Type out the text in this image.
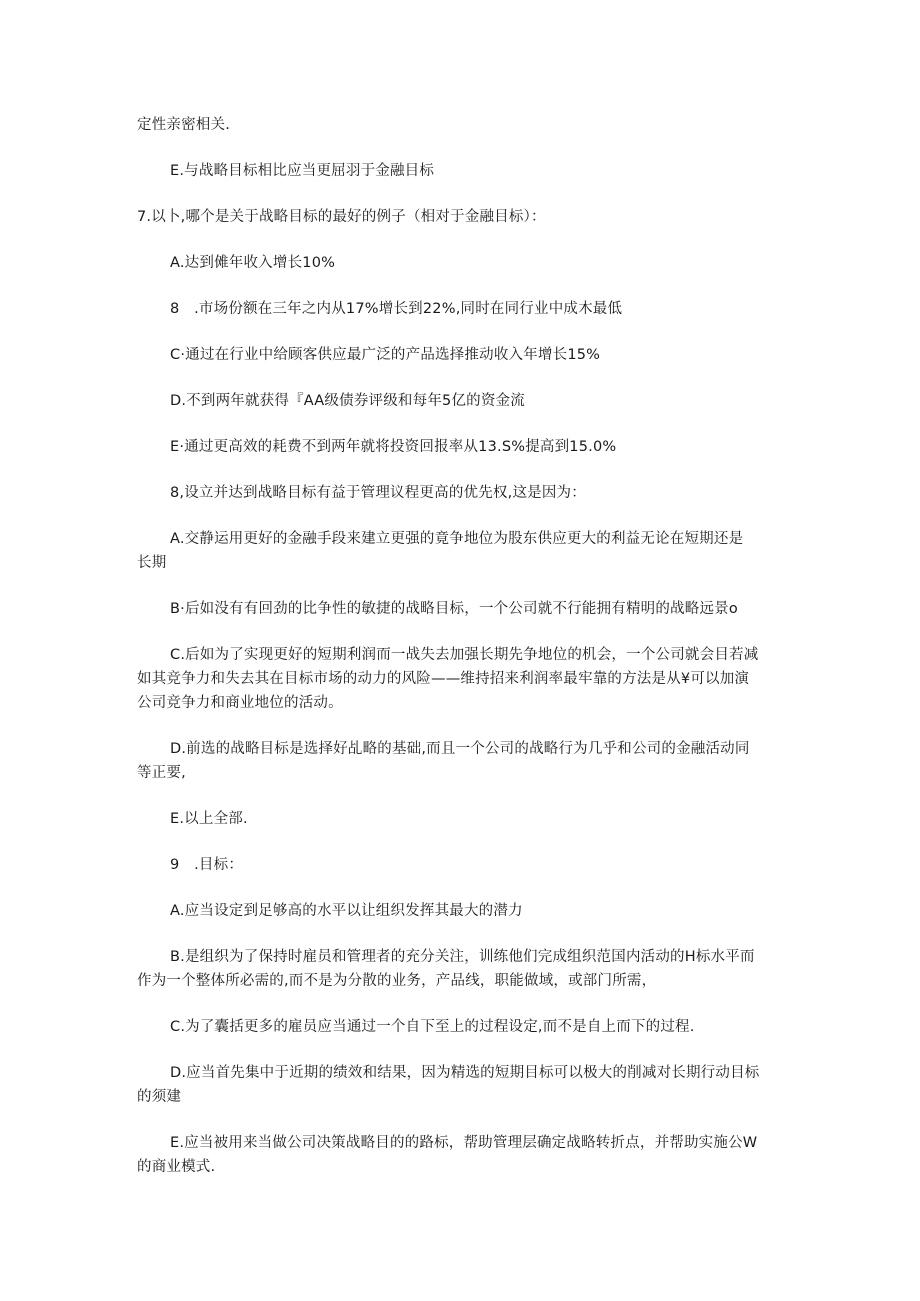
定性亲密相关.
E.与战略目标相比应当更屈羽于金融目标
7.以卜,哪个是关于战略目标的最好的例子（相对于金融目标）：
A.达到傩年收入增长10%
8　.市场份额在三年之内从17%增长到22%,同时在同行业中成木最低
C·通过在行业中给顾客供应最广泛的产品选择推动收入年增长15%
D.不到两年就获得『AA级债券评级和每年5亿的资金流
E·通过更高效的耗费不到两年就将投资回报率从13.S%提高到15.0%
8,设立并达到战略目标有益于管理议程更高的优先权,这是因为：
A.交静运用更好的金融手段来建立更强的竟争地位为股东供应更大的利益无论在短期还是
长期
B·后如没有有回劲的比争性的敏捷的战略目标，一个公司就不行能拥有精明的战略远景o
C.后如为了实现更好的短期利润而一战失去加强长期先争地位的机会，一个公司就会目若减
如其竞争力和失去其在目标市场的动力的风险——维持招来利润率最牢靠的方法是从¥可以加演
公司竞争力和商业地位的活动。
D.前选的战略目标是选择好乩略的基础,而且一个公司的战略行为几乎和公司的金融活动同
等正要,
E.以上全部.
9　.目标：
A.应当设定到足够高的水平以让组织发挥其最大的潜力
B.是组织为了保持时雇员和管理者的充分关注，训练他们完成组织范国内活动的H标水平而
作为一个整体所必需的,而不是为分散的业务，产品线，职能做域，或部门所需，
C.为了囊括更多的雇员应当通过一个自下至上的过程设定,而不是自上而下的过程.
D.应当首先集中于近期的绩效和结果，因为精选的短期目标可以极大的削减对长期行动目标
的须建
E.应当被用来当做公司决策战略目的的路标，帮助管理层确定战略转折点，并帮助实施公W
的商业模式.
